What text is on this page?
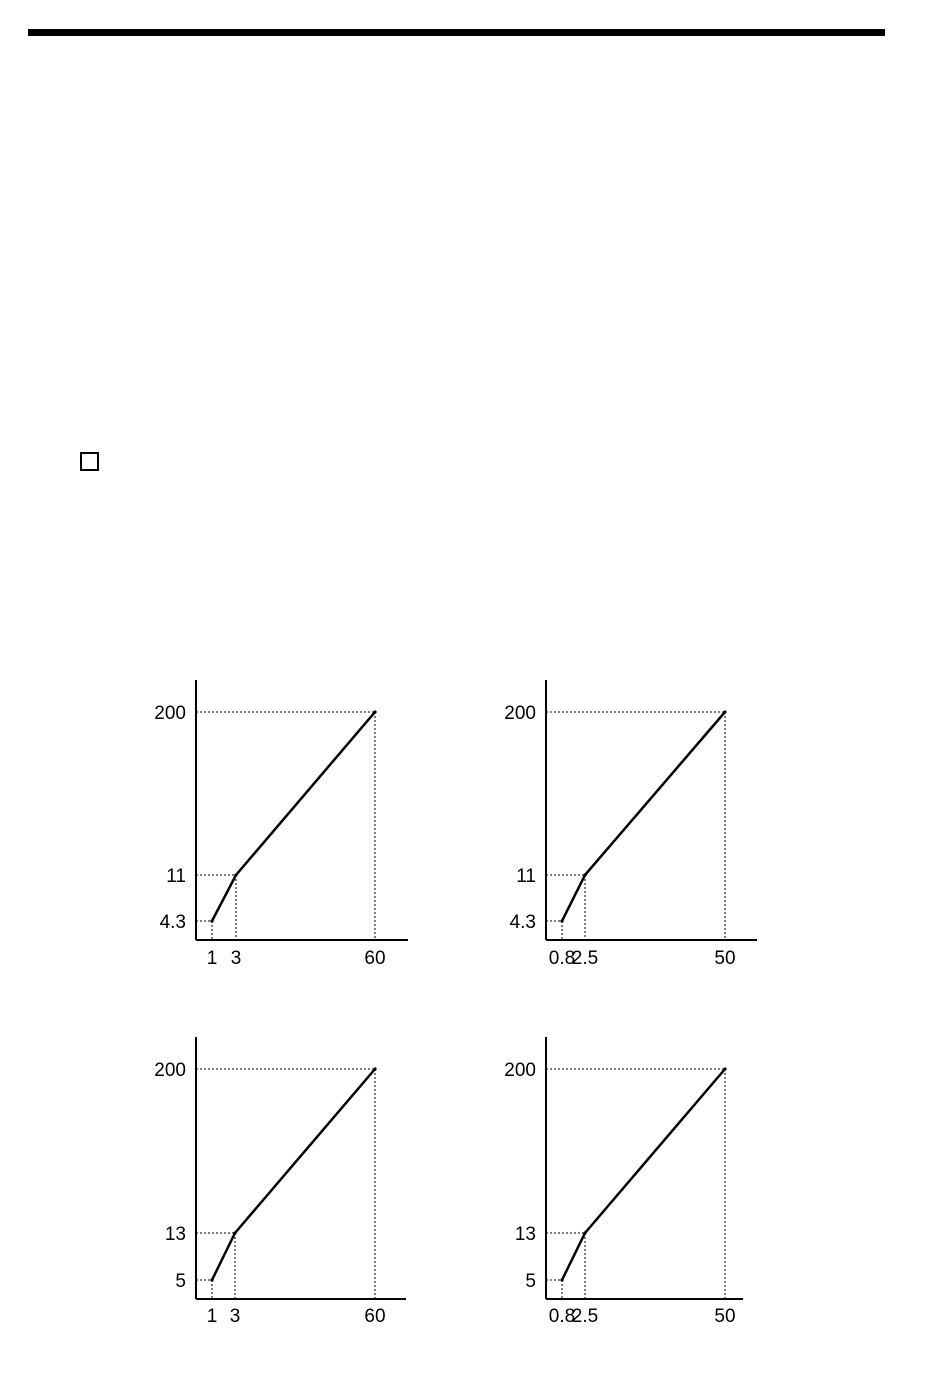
4.3
11
200
1 3	60
4.3
11
200
0.8
2.5	50
5
13
200
1 3	60
5
13
200
0.8
2.5	50
